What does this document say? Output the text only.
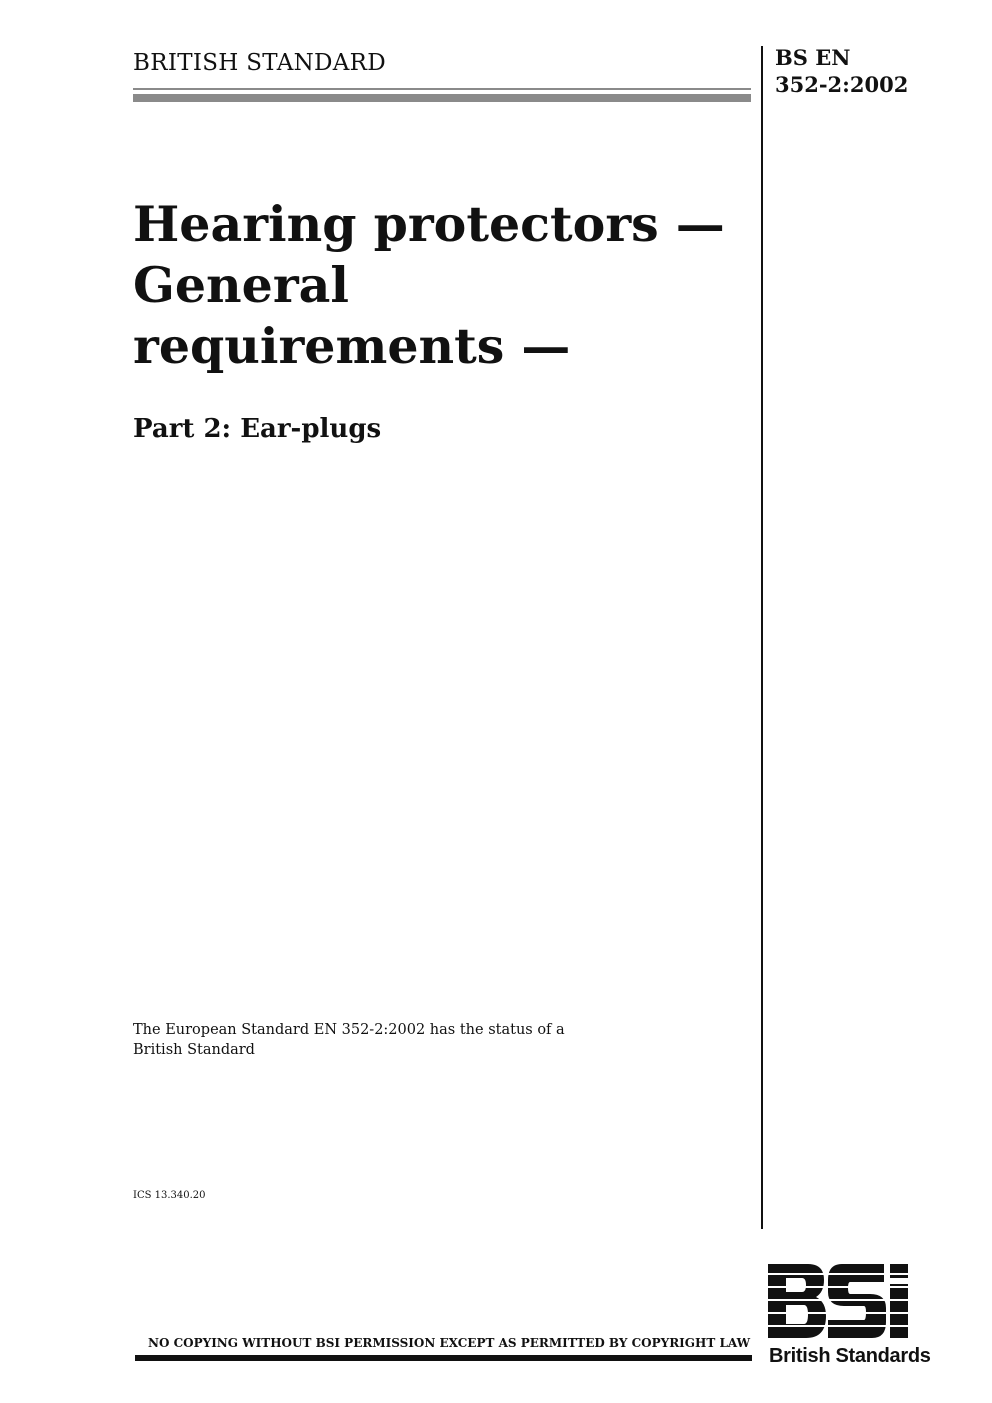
BRITISH STANDARD	BS EN
352-2:2002
Hearing protectors —
General
requirements —
Part 2: Ear-plugs
The European Standard EN 352-2:2002 has the status of a
British Standard
ICS 13.340.20
NO COPYING WITHOUT BSI PERMISSION EXCEPT AS PERMITTED BY COPYRIGHT LAW
British Standards
